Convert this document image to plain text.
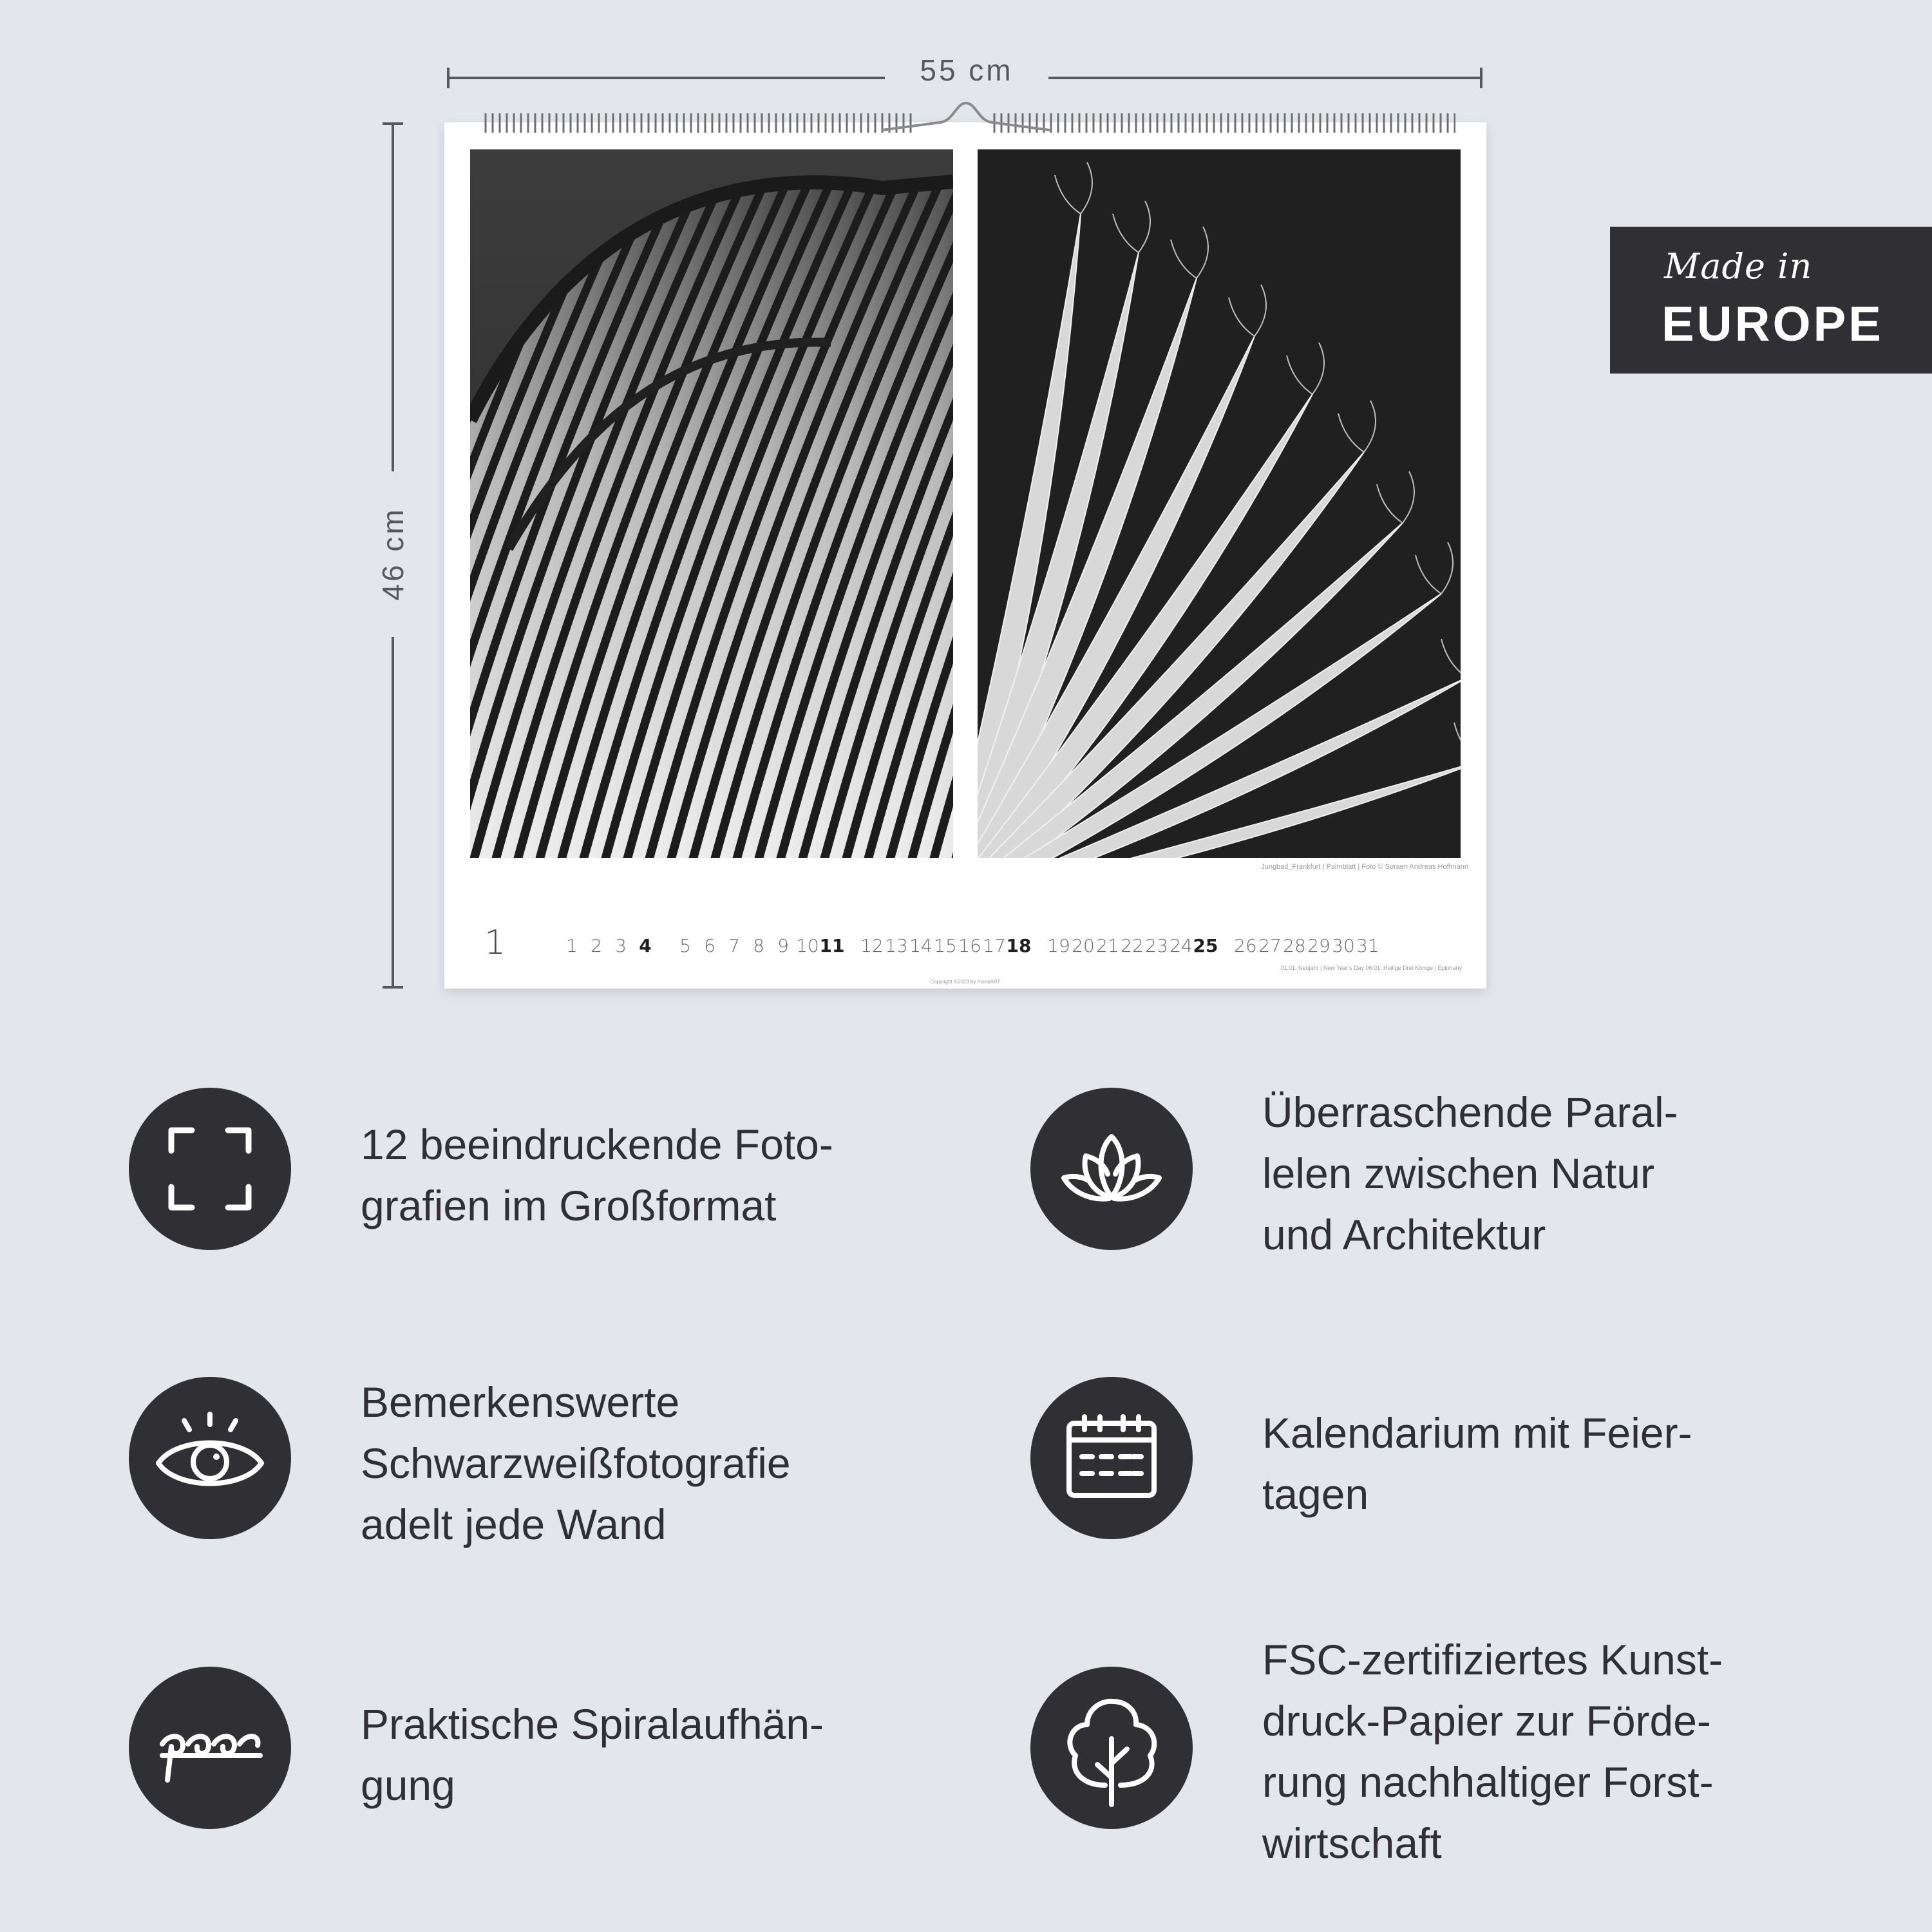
55 cm
46 cm
Jungbad_Frankfurt | Palmblatt | Foto © Soraen Andreas Hoffmann
1	1 2 3 4 5 6 7 8 9 10 11 12 13 14 15 16 17 18 19 20 21 22 23 24 25 26 27 28 29 30 31
01.01. Neujahr | New Year's Day 06.01. Heilige Drei Könige | Epiphany
Copyright ©2023 by monoART
Made in
EUROPE

12 beeindruckende Foto-
grafien im Großformat

Überraschende Paral-
lelen zwischen Natur
und Architektur

Bemerkenswerte
Schwarzweißfotografie
adelt jede Wand

Kalendarium mit Feier-
tagen

Praktische Spiralaufhän-
gung

FSC-zertifiziertes Kunst-
druck-Papier zur Förde-
rung nachhaltiger Forst-
wirtschaft
